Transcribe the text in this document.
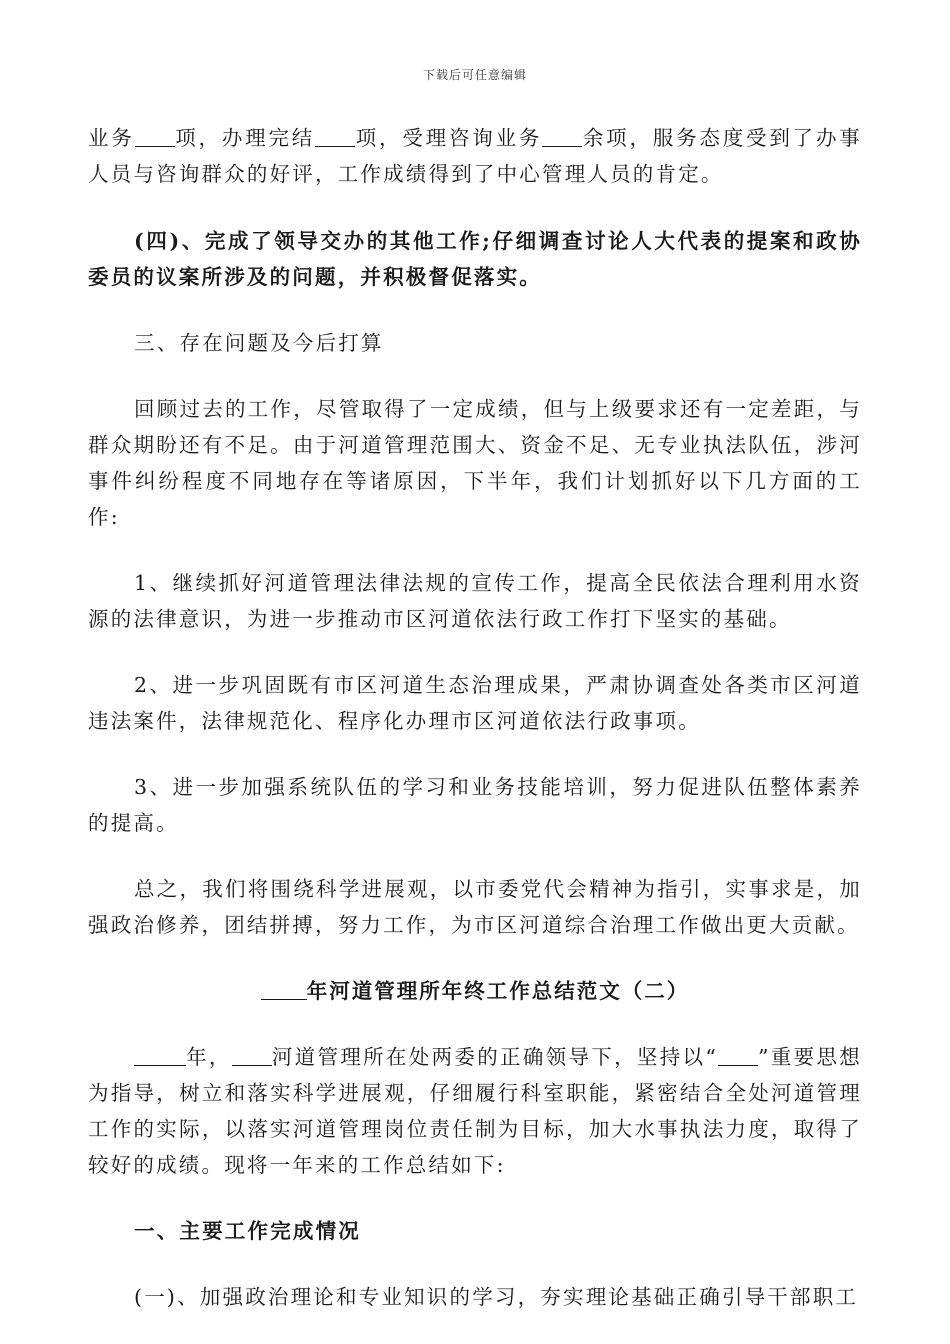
下载后可任意编辑

业务 项，办理完结 项，受理咨询业务 余项，服务态度受到了办事人员与咨询群众的好评，工作成绩得到了中心管理人员的肯定。

(四)、完成了领导交办的其他工作;仔细调查讨论人大代表的提案和政协委员的议案所涉及的问题，并积极督促落实。

三、存在问题及今后打算

回顾过去的工作，尽管取得了一定成绩，但与上级要求还有一定差距，与群众期盼还有不足。由于河道管理范围大、资金不足、无专业执法队伍，涉河事件纠纷程度不同地存在等诸原因，下半年，我们计划抓好以下几方面的工作:

1、继续抓好河道管理法律法规的宣传工作，提高全民依法合理利用水资源的法律意识，为进一步推动市区河道依法行政工作打下坚实的基础。

2、进一步巩固既有市区河道生态治理成果，严肃协调查处各类市区河道违法案件，法律规范化、程序化办理市区河道依法行政事项。

3、进一步加强系统队伍的学习和业务技能培训，努力促进队伍整体素养的提高。

总之，我们将围绕科学进展观，以市委党代会精神为指引，实事求是，加强政治修养，团结拼搏，努力工作，为市区河道综合治理工作做出更大贡献。

年河道管理所年终工作总结范文（二）

年， 河道管理所在处两委的正确领导下，坚持以“ ”重要思想为指导，树立和落实科学进展观，仔细履行科室职能，紧密结合全处河道管理工作的实际，以落实河道管理岗位责任制为目标，加大水事执法力度，取得了较好的成绩。现将一年来的工作总结如下:

一、主要工作完成情况

(一)、加强政治理论和专业知识的学习，夯实理论基础正确引导干部职工
